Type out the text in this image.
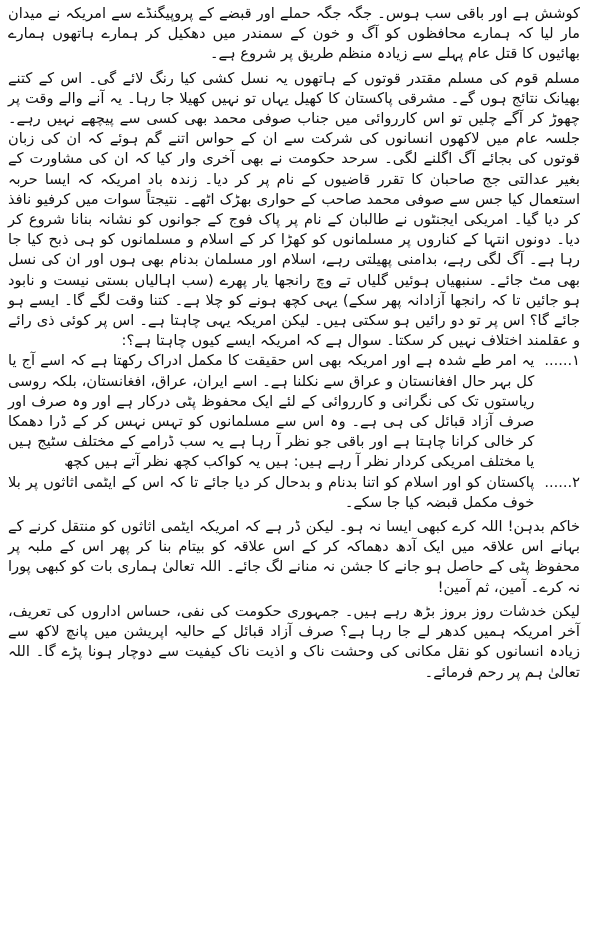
کوشش ہے اور باقی سب ہوس۔ جگہ جگہ حملے اور قبضے کے پروپیگنڈے سے امریکہ نے میدان مار لیا کہ ہمارے محافظوں کو آگ و خون کے سمندر میں دھکیل کر ہمارے ہاتھوں ہمارے بھائیوں کا قتل عام پہلے سے زیادہ منظم طریق پر شروع ہے۔

مسلم قوم کی مسلم مقتدر قوتوں کے ہاتھوں یہ نسل کشی کیا رنگ لائے گی۔ اس کے کتنے بھیانک نتائج ہوں گے۔ مشرقی پاکستان کا کھیل یہاں تو نہیں کھیلا جا رہا۔ یہ آنے والے وقت پر چھوڑ کر آگے چلیں تو اس کارروائی میں جناب صوفی محمد بھی کسی سے پیچھے نہیں رہے۔ جلسہ عام میں لاکھوں انسانوں کی شرکت سے ان کے حواس اتنے گم ہوئے کہ ان کی زبان قوتوں کی بجائے آگ اگلنے لگی۔ سرحد حکومت نے بھی آخری وار کیا کہ ان کی مشاورت کے بغیر عدالتی جج صاحبان کا تقرر قاضیوں کے نام پر کر دیا۔ زندہ باد امریکہ کہ ایسا حربہ استعمال کیا جس سے صوفی محمد صاحب کے حواری بھڑک اٹھے۔ نتیجتاً سوات میں کرفیو نافذ کر دیا گیا۔ امریکی ایجنٹوں نے طالبان کے نام پر پاک فوج کے جوانوں کو نشانہ بنانا شروع کر دیا۔ دونوں انتہا کے کناروں پر مسلمانوں کو کھڑا کر کے اسلام و مسلمانوں کو ہی ذبح کیا جا رہا ہے۔ آگ لگی رہے، بدامنی پھیلتی رہے، اسلام اور مسلمان بدنام بھی ہوں اور ان کی نسل بھی مٹ جائے۔ سنبھیاں ہوئیں گلیاں تے وچ رانجھا یار پھرے (سب اہالیاں بستی نیست و نابود ہو جائیں تا کہ رانجھا آزادانہ پھر سکے) یہی کچھ ہونے کو چلا ہے۔ کتنا وقت لگے گا۔ ایسے ہو جائے گا؟ اس پر تو دو رائیں ہو سکتی ہیں۔ لیکن امریکہ یہی چاہتا ہے۔ اس پر کوئی ذی رائے و عقلمند اختلاف نہیں کر سکتا۔ سوال ہے کہ امریکہ ایسے کیوں چاہتا ہے؟:

۱......
یہ امر طے شدہ ہے اور امریکہ بھی اس حقیقت کا مکمل ادراک رکھتا ہے کہ اسے آج یا کل بہر حال افغانستان و عراق سے نکلنا ہے۔ اسے ایران، عراق، افغانستان، بلکہ روسی ریاستوں تک کی نگرانی و کارروائی کے لئے ایک محفوظ پٹی درکار ہے اور وہ صرف اور صرف آزاد قبائل کی ہی ہے۔ وہ اس سے مسلمانوں کو تہس نہس کر کے ڈرا دھمکا کر خالی کرانا چاہتا ہے اور باقی جو نظر آ رہا ہے یہ سب ڈرامے کے مختلف سٹیج ہیں یا مختلف امریکی کردار نظر آ رہے ہیں: ہیں یہ کواکب کچھ نظر آتے ہیں کچھ
۲......
پاکستان کو اور اسلام کو اتنا بدنام و بدحال کر دیا جائے تا کہ اس کے ایٹمی اثاثوں پر بلا خوف مکمل قبضہ کیا جا سکے۔

خاکم بدہن! اللہ کرے کبھی ایسا نہ ہو۔ لیکن ڈر ہے کہ امریکہ ایٹمی اثاثوں کو منتقل کرنے کے بہانے اس علاقہ میں ایک آدھ دھماکہ کر کے اس علاقہ کو بیتام بنا کر پھر اس کے ملبہ پر محفوظ پٹی کے حاصل ہو جانے کا جشن نہ منانے لگ جائے۔ اللہ تعالیٰ ہماری بات کو کبھی پورا نہ کرے۔ آمین، ثم آمین!

لیکن خدشات روز بروز بڑھ رہے ہیں۔ جمہوری حکومت کی نفی، حساس اداروں کی تعریف، آخر امریکہ ہمیں کدھر لے جا رہا ہے؟ صرف آزاد قبائل کے حالیہ اپریشن میں پانچ لاکھ سے زیادہ انسانوں کو نقل مکانی کی وحشت ناک و اذیت ناک کیفیت سے دوچار ہونا پڑے گا۔ اللہ تعالیٰ ہم پر رحم فرمائے۔
